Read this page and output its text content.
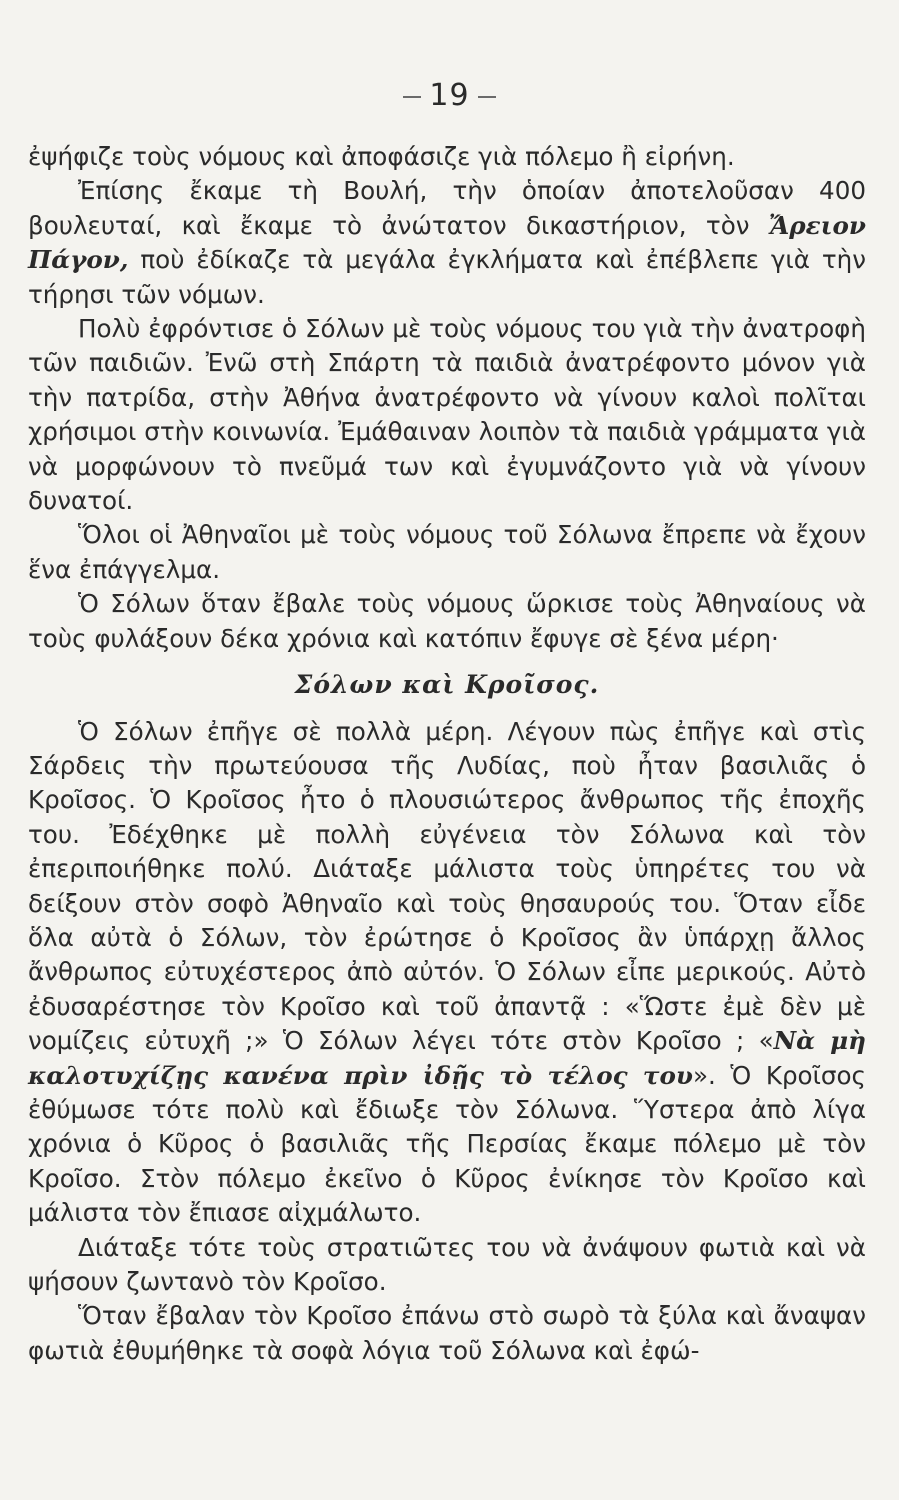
19

ἐψήφιζε τοὺς νόμους καὶ ἀποφάσιζε γιὰ πόλεμο ἢ εἰρήνη.

Ἐπίσης ἔκαμε τὴ Βουλή, τὴν ὁποίαν ἀποτελοῦσαν 400 βουλευταί, καὶ ἔκαμε τὸ ἀνώτατον δικαστήριον, τὸν Ἄρειον Πάγον, ποὺ ἐδίκαζε τὰ μεγάλα ἐγκλήματα καὶ ἐπέβλεπε γιὰ τὴν τήρησι τῶν νόμων.

Πολὺ ἐφρόντισε ὁ Σόλων μὲ τοὺς νόμους του γιὰ τὴν ἀνατροφὴ τῶν παιδιῶν. Ἐνῶ στὴ Σπάρτη τὰ παιδιὰ ἀνατρέφοντο μόνον γιὰ τὴν πατρίδα, στὴν Ἀθήνα ἀνατρέφοντο νὰ γίνουν καλοὶ πολῖται χρήσιμοι στὴν κοινωνία. Ἐμάθαιναν λοιπὸν τὰ παιδιὰ γράμματα γιὰ νὰ μορφώνουν τὸ πνεῦμά των καὶ ἐγυμνάζοντο γιὰ νὰ γίνουν δυνατοί.

Ὅλοι οἱ Ἀθηναῖοι μὲ τοὺς νόμους τοῦ Σόλωνα ἔπρεπε νὰ ἔχουν ἕνα ἐπάγγελμα.

Ὁ Σόλων ὅταν ἔβαλε τοὺς νόμους ὥρκισε τοὺς Ἀθηναίους νὰ τοὺς φυλάξουν δέκα χρόνια καὶ κατόπιν ἔφυγε σὲ ξένα μέρη·

Σόλων καὶ Κροῖσος.

Ὁ Σόλων ἐπῆγε σὲ πολλὰ μέρη. Λέγουν πὼς ἐπῆγε καὶ στὶς Σάρδεις τὴν πρωτεύουσα τῆς Λυδίας, ποὺ ἦταν βασιλιᾶς ὁ Κροῖσος. Ὁ Κροῖσος ἦτο ὁ πλουσιώτερος ἄνθρωπος τῆς ἐποχῆς του. Ἐδέχθηκε μὲ πολλὴ εὐγένεια τὸν Σόλωνα καὶ τὸν ἐπεριποιήθηκε πολύ. Διάταξε μάλιστα τοὺς ὑπηρέτες του νὰ δείξουν στὸν σοφὸ Ἀθηναῖο καὶ τοὺς θησαυρούς του. Ὅταν εἶδε ὅλα αὐτὰ ὁ Σόλων, τὸν ἐρώτησε ὁ Κροῖσος ἂν ὑπάρχῃ ἄλλος ἄνθρωπος εὐτυχέστερος ἀπὸ αὐτόν. Ὁ Σόλων εἶπε μερικούς. Αὐτὸ ἐδυσαρέστησε τὸν Κροῖσο καὶ τοῦ ἀπαντᾷ : «Ὥστε ἐμὲ δὲν μὲ νομίζεις εὐτυχῆ ;» Ὁ Σόλων λέγει τότε στὸν Κροῖσο ; «Νὰ μὴ καλοτυχίζῃς κανένα πρὶν ἰδῇς τὸ τέλος του». Ὁ Κροῖσος ἐθύμωσε τότε πολὺ καὶ ἔδιωξε τὸν Σόλωνα. Ὕστερα ἀπὸ λίγα χρόνια ὁ Κῦρος ὁ βασιλιᾶς τῆς Περσίας ἔκαμε πόλεμο μὲ τὸν Κροῖσο. Στὸν πόλεμο ἐκεῖνο ὁ Κῦρος ἐνίκησε τὸν Κροῖσο καὶ μάλιστα τὸν ἔπιασε αἰχμάλωτο.

Διάταξε τότε τοὺς στρατιῶτες του νὰ ἀνάψουν φωτιὰ καὶ νὰ ψήσουν ζωντανὸ τὸν Κροῖσο.

Ὅταν ἔβαλαν τὸν Κροῖσο ἐπάνω στὸ σωρὸ τὰ ξύλα καὶ ἄναψαν φωτιὰ ἐθυμήθηκε τὰ σοφὰ λόγια τοῦ Σόλωνα καὶ ἐφώ-
